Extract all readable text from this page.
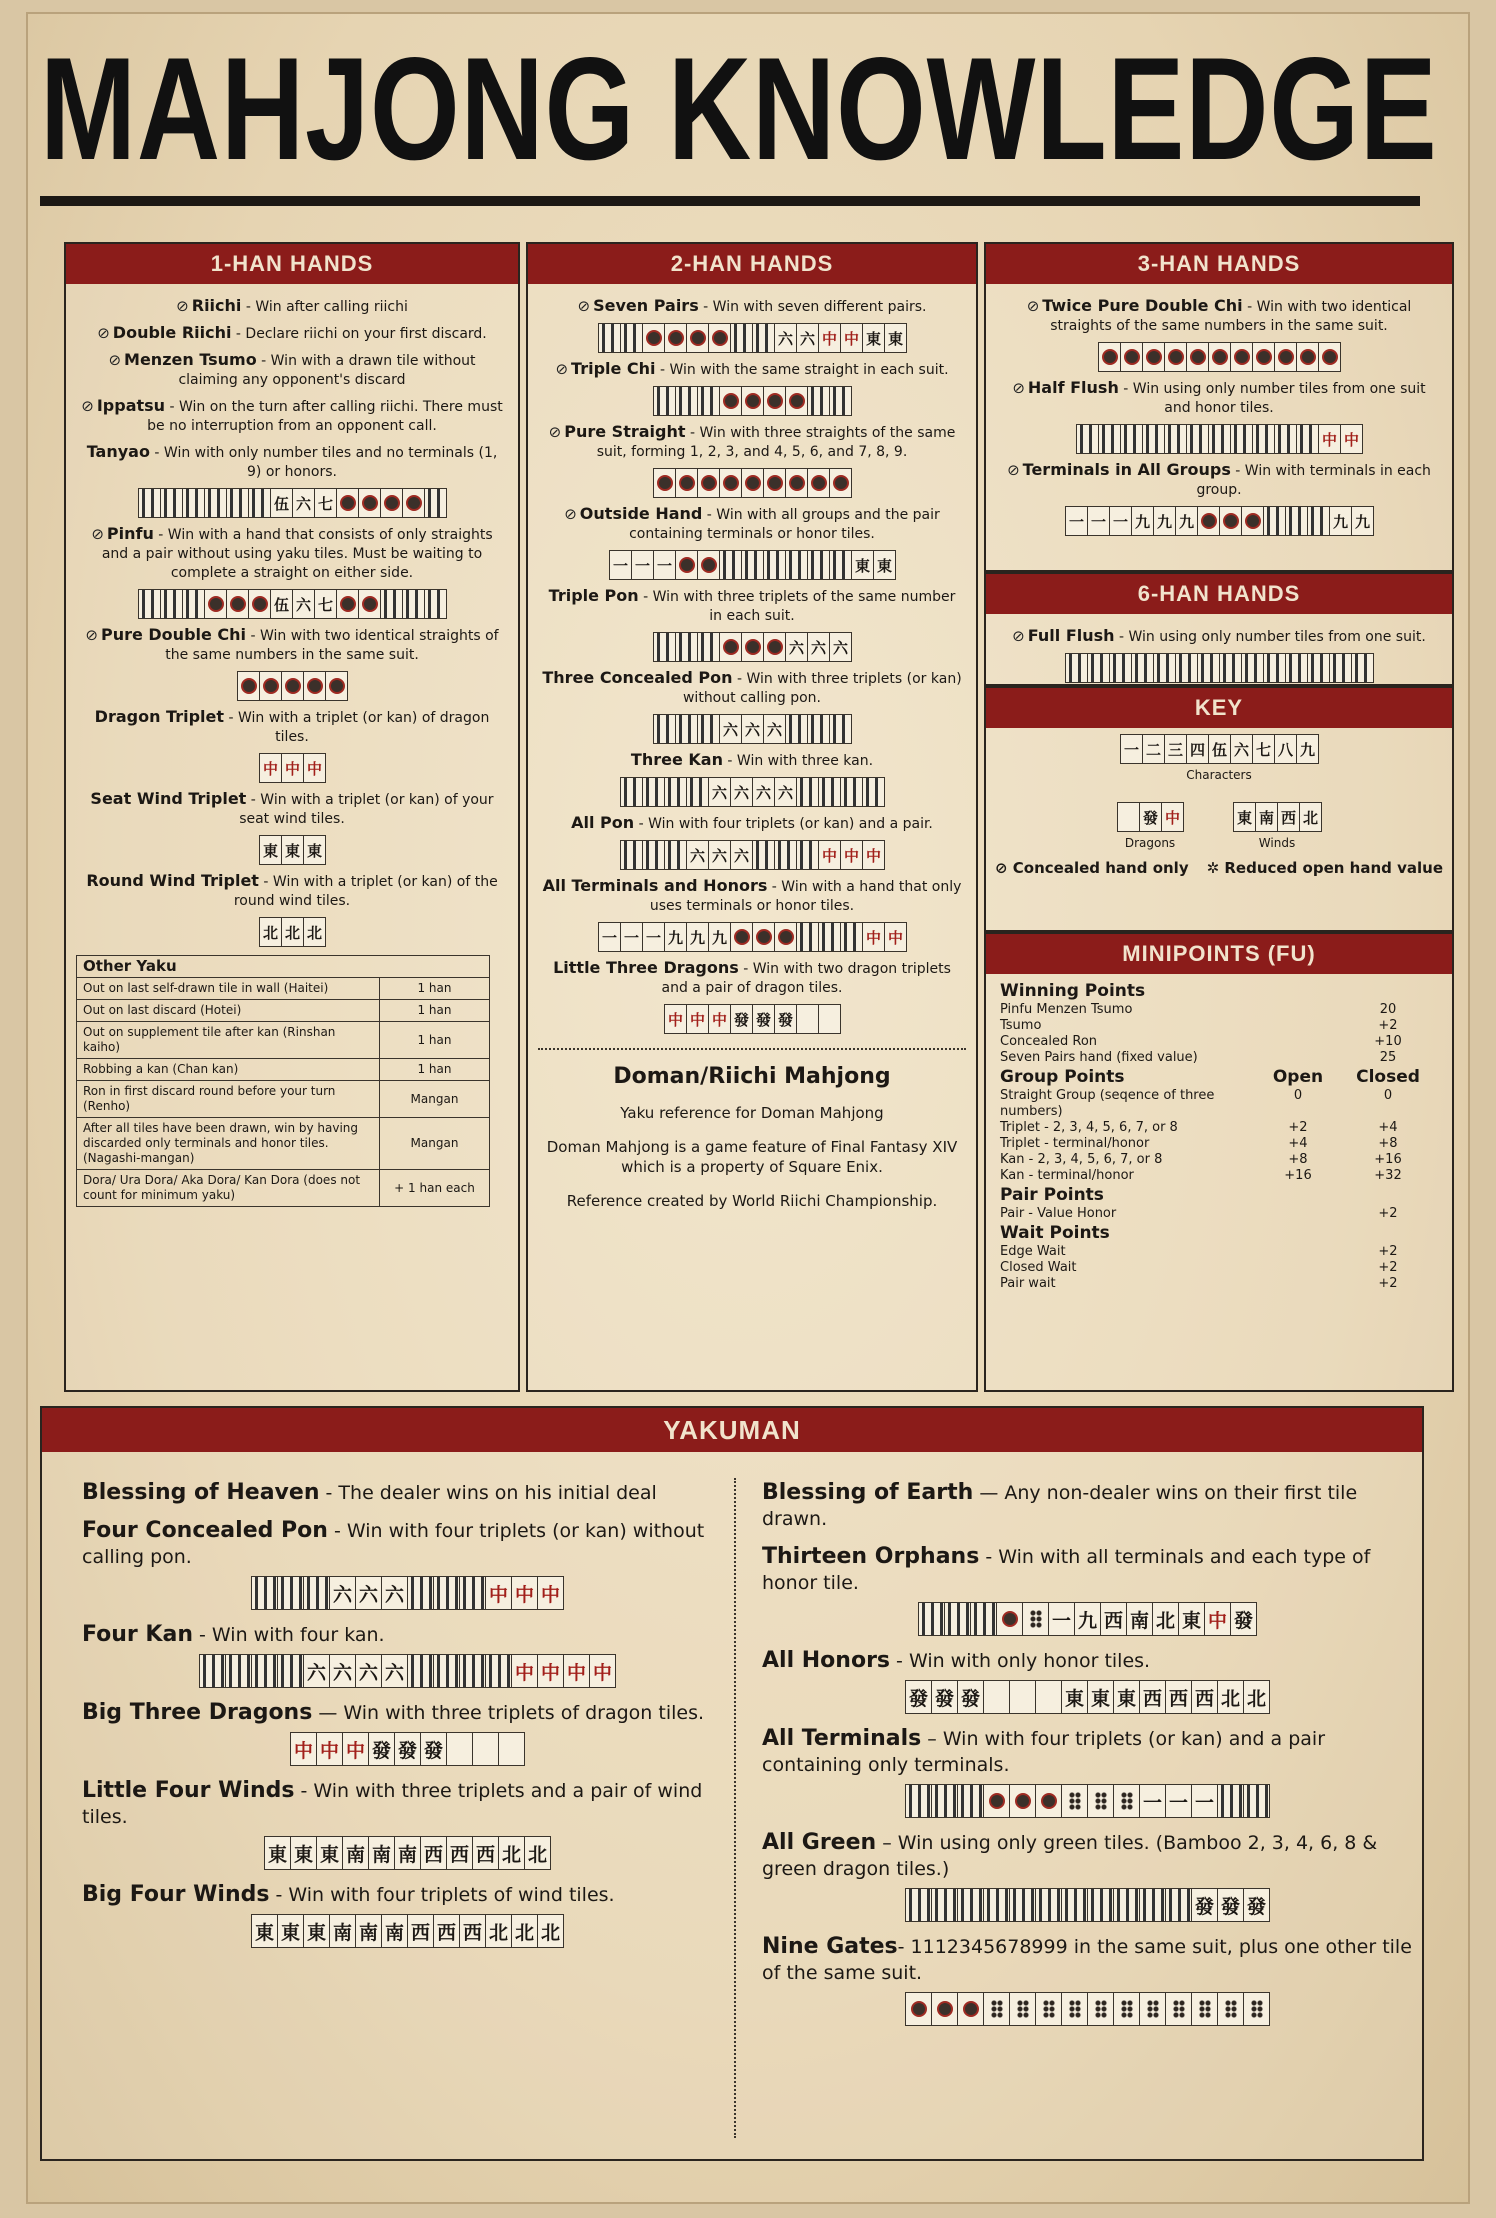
MAHJONG KNOWLEDGE
1-HAN HANDS
⊘ Riichi - Win after calling riichi
⊘ Double Riichi - Declare riichi on your first discard.
⊘ Menzen Tsumo - Win with a drawn tile without claiming any opponent's discard
⊘ Ippatsu - Win on the turn after calling riichi. There must be no interruption from an opponent call.
Tanyao - Win with only number tiles and no terminals (1, 9) or honors.
伍 六 七
⊘ Pinfu - Win with a hand that consists of only straights and a pair without using yaku tiles. Must be waiting to complete a straight on either side.
伍 六 七
⊘ Pure Double Chi - Win with two identical straights of the same numbers in the same suit.
Dragon Triplet - Win with a triplet (or kan) of dragon tiles.
中 中 中
Seat Wind Triplet - Win with a triplet (or kan) of your seat wind tiles.
東 東 東
Round Wind Triplet - Win with a triplet (or kan) of the round wind tiles.
北 北 北
Other Yaku	
Out on last self-drawn tile in wall (Haitei)	1 han
Out on last discard (Hotei)	1 han
Out on supplement tile after kan (Rinshan kaiho)	1 han
Robbing a kan (Chan kan)	1 han
Ron in first discard round before your turn (Renho)	Mangan
After all tiles have been drawn, win by having discarded only terminals and honor tiles. (Nagashi-mangan)	Mangan
Dora/ Ura Dora/ Aka Dora/ Kan Dora (does not count for minimum yaku)	+ 1 han each
2-HAN HANDS
⊘ Seven Pairs - Win with seven different pairs.
六 六 中 中 東 東
⊘ Triple Chi - Win with the same straight in each suit.
⊘ Pure Straight - Win with three straights of the same suit, forming 1, 2, 3, and 4, 5, 6, and 7, 8, 9.
⊘ Outside Hand - Win with all groups and the pair containing terminals or honor tiles.
一 一 一	東 東
Triple Pon - Win with three triplets of the same number in each suit.
六 六 六
Three Concealed Pon - Win with three triplets (or kan) without calling pon.
六 六 六
Three Kan - Win with three kan.
六 六 六 六
All Pon - Win with four triplets (or kan) and a pair.
六 六 六	中 中 中
All Terminals and Honors - Win with a hand that only uses terminals or honor tiles.
一 一 一 九 九 九	中 中
Little Three Dragons - Win with two dragon triplets and a pair of dragon tiles.
中 中 中 發 發 發
Doman/Riichi Mahjong

Yaku reference for Doman Mahjong

Doman Mahjong is a game feature of Final Fantasy XIV which is a property of Square Enix.

Reference created by World Riichi Championship.

3-HAN HANDS
⊘ Twice Pure Double Chi - Win with two identical straights of the same numbers in the same suit.
⊘ Half Flush - Win using only number tiles from one suit and honor tiles.
中 中
⊘ Terminals in All Groups - Win with terminals in each group.
一 一 一 九 九 九	九 九
6-HAN HANDS
⊘ Full Flush - Win using only number tiles from one suit.
KEY
一 二 三 四 伍 六 七 八 九
Characters
發 中
Dragons
東 南 西 北
Winds
⊘ Concealed hand only ✲ Reduced open hand value
MINIPOINTS (FU)
Winning Points
Pinfu Menzen Tsumo	20
Tsumo	+2
Concealed Ron	+10
Seven Pairs hand (fixed value)	25
Group Points	Open	Closed
Straight Group (seqence of three numbers)
0	0
Triplet - 2, 3, 4, 5, 6, 7, or 8	+2	+4
Triplet - terminal/honor	+4	+8
Kan - 2, 3, 4, 5, 6, 7, or 8	+8	+16
Kan - terminal/honor	+16	+32
Pair Points
Pair - Value Honor	+2
Wait Points
Edge Wait	+2
Closed Wait	+2
Pair wait	+2
YAKUMAN
Blessing of Heaven - The dealer wins on his initial deal
Four Concealed Pon - Win with four triplets (or kan) without calling pon.
六 六 六	中 中 中
Four Kan - Win with four kan.
六 六 六 六	中 中 中 中
Big Three Dragons — Win with three triplets of dragon tiles.
中 中 中 發 發 發
Little Four Winds - Win with three triplets and a pair of wind tiles.
東 東 東 南 南 南 西 西 西 北 北
Big Four Winds - Win with four triplets of wind tiles.
東 東 東 南 南 南 西 西 西 北 北 北
Blessing of Earth — Any non-dealer wins on their first tile drawn.
Thirteen Orphans - Win with all terminals and each type of honor tile.
一 九 西 南 北 東 中 發
All Honors - Win with only honor tiles.
發 發 發	東 東 東 西 西 西 北 北
All Terminals – Win with four triplets (or kan) and a pair containing only terminals.
一 一 一
All Green – Win using only green tiles. (Bamboo 2, 3, 4, 6, 8 & green dragon tiles.)
發 發 發
Nine Gates- 1112345678999 in the same suit, plus one other tile of the same suit.
